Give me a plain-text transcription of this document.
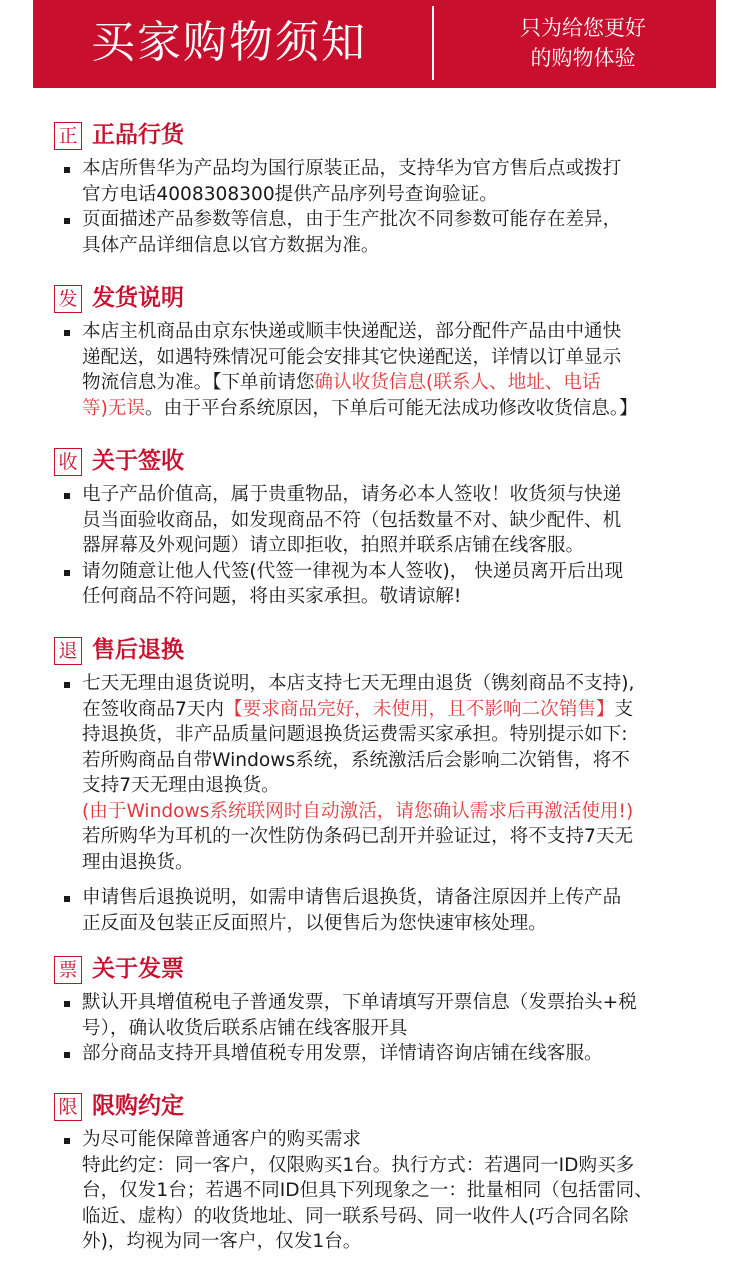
买家购物须知	只为给您更好
的购物体验
正 正品行货
本店所售华为产品均为国行原装正品，支持华为官方售后点或拨打
官方电话4008308300提供产品序列号查询验证。
页面描述产品参数等信息，由于生产批次不同参数可能存在差异，
具体产品详细信息以官方数据为准。
发 发货说明
本店主机商品由京东快递或顺丰快递配送，部分配件产品由中通快
递配送，如遇特殊情况可能会安排其它快递配送，详情以订单显示
物流信息为准。【下单前请您确认收货信息(联系人、地址、电话
等)无误。由于平台系统原因，下单后可能无法成功修改收货信息。】
收 关于签收
电子产品价值高，属于贵重物品，请务必本人签收！收货须与快递
员当面验收商品，如发现商品不符（包括数量不对、缺少配件、机
器屏幕及外观问题）请立即拒收，拍照并联系店铺在线客服。
请勿随意让他人代签(代签一律视为本人签收)， 快递员离开后出现
任何商品不符问题，将由买家承担。敬请谅解!
退 售后退换
七天无理由退货说明，本店支持七天无理由退货（镌刻商品不支持),
在签收商品7天内【要求商品完好，未使用，且不影响二次销售】支
持退换货，非产品质量问题退换货运费需买家承担。特别提示如下:
若所购商品自带Windows系统，系统激活后会影响二次销售，将不
支持7天无理由退换货。
(由于Windows系统联网时自动激活，请您确认需求后再激活使用!)
若所购华为耳机的一次性防伪条码已刮开并验证过，将不支持7天无
理由退换货。
申请售后退换说明，如需申请售后退换货，请备注原因并上传产品
正反面及包装正反面照片，以便售后为您快速审核处理。
票 关于发票
默认开具增值税电子普通发票，下单请填写开票信息（发票抬头+税
号），确认收货后联系店铺在线客服开具
部分商品支持开具增值税专用发票，详情请咨询店铺在线客服。
限 限购约定
为尽可能保障普通客户的购买需求
特此约定：同一客户，仅限购买1台。执行方式：若遇同一ID购买多
台，仅发1台；若遇不同ID但具下列现象之一：批量相同（包括雷同、
临近、虚构）的收货地址、同一联系号码、同一收件人(巧合同名除
外)，均视为同一客户，仅发1台。
